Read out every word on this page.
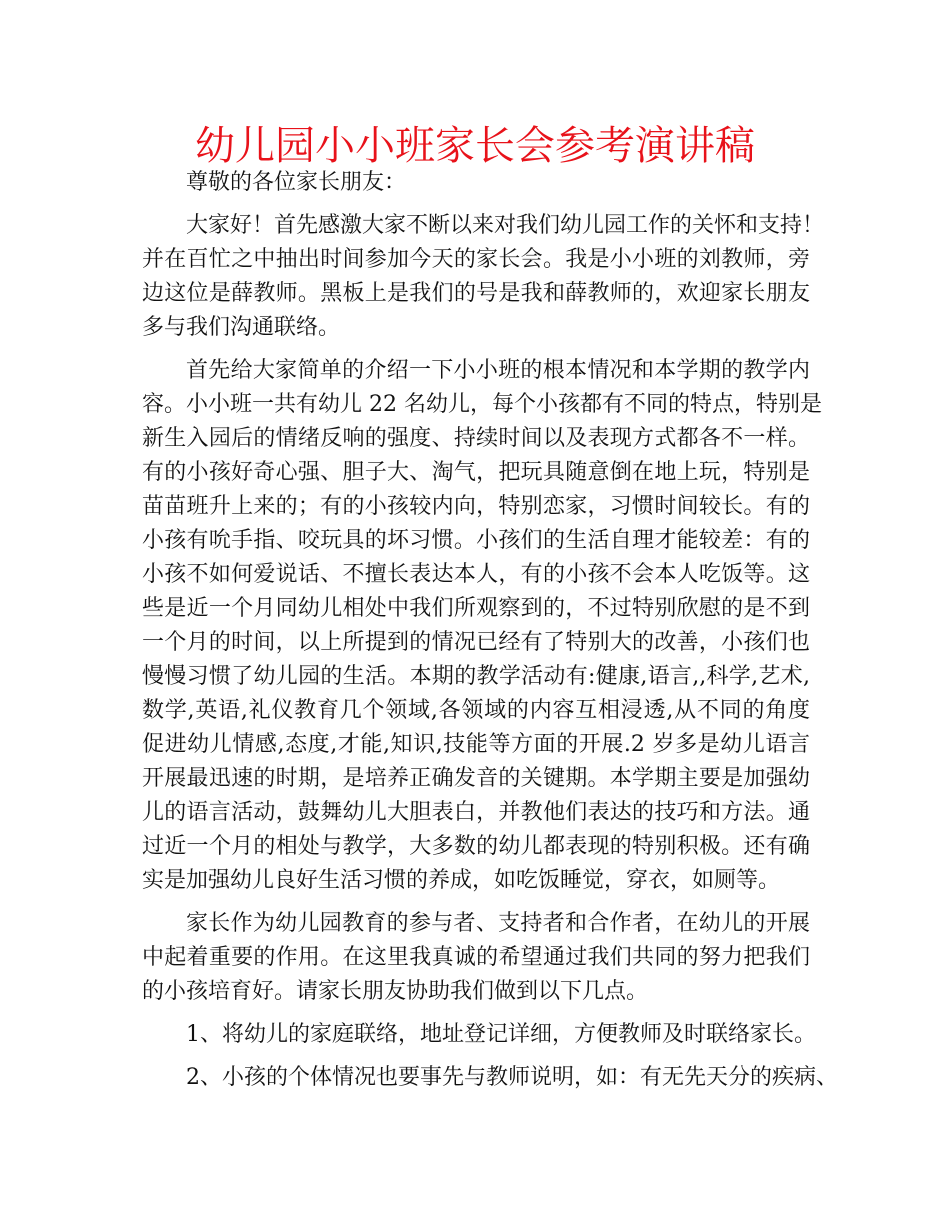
幼儿园小小班家长会参考演讲稿
尊敬的各位家长朋友：
大家好！首先感激大家不断以来对我们幼儿园工作的关怀和支持！
并在百忙之中抽出时间参加今天的家长会。我是小小班的刘教师，旁
边这位是薛教师。黑板上是我们的号是我和薛教师的，欢迎家长朋友
多与我们沟通联络。
首先给大家简单的介绍一下小小班的根本情况和本学期的教学内
容。小小班一共有幼儿 22 名幼儿，每个小孩都有不同的特点，特别是
新生入园后的情绪反响的强度、持续时间以及表现方式都各不一样。
有的小孩好奇心强、胆子大、淘气，把玩具随意倒在地上玩，特别是
苗苗班升上来的；有的小孩较内向，特别恋家，习惯时间较长。有的
小孩有吮手指、咬玩具的坏习惯。小孩们的生活自理才能较差：有的
小孩不如何爱说话、不擅长表达本人，有的小孩不会本人吃饭等。这
些是近一个月同幼儿相处中我们所观察到的，不过特别欣慰的是不到
一个月的时间，以上所提到的情况已经有了特别大的改善，小孩们也
慢慢习惯了幼儿园的生活。本期的教学活动有:健康,语言,,科学,艺术,
数学,英语,礼仪教育几个领域,各领域的内容互相浸透,从不同的角度
促进幼儿情感,态度,才能,知识,技能等方面的开展.2 岁多是幼儿语言
开展最迅速的时期，是培养正确发音的关键期。本学期主要是加强幼
儿的语言活动，鼓舞幼儿大胆表白，并教他们表达的技巧和方法。通
过近一个月的相处与教学，大多数的幼儿都表现的特别积极。还有确
实是加强幼儿良好生活习惯的养成，如吃饭睡觉，穿衣，如厕等。
家长作为幼儿园教育的参与者、支持者和合作者，在幼儿的开展
中起着重要的作用。在这里我真诚的希望通过我们共同的努力把我们
的小孩培育好。请家长朋友协助我们做到以下几点。
1、将幼儿的家庭联络，地址登记详细，方便教师及时联络家长。
2、小孩的个体情况也要事先与教师说明，如：有无先天分的疾病、
